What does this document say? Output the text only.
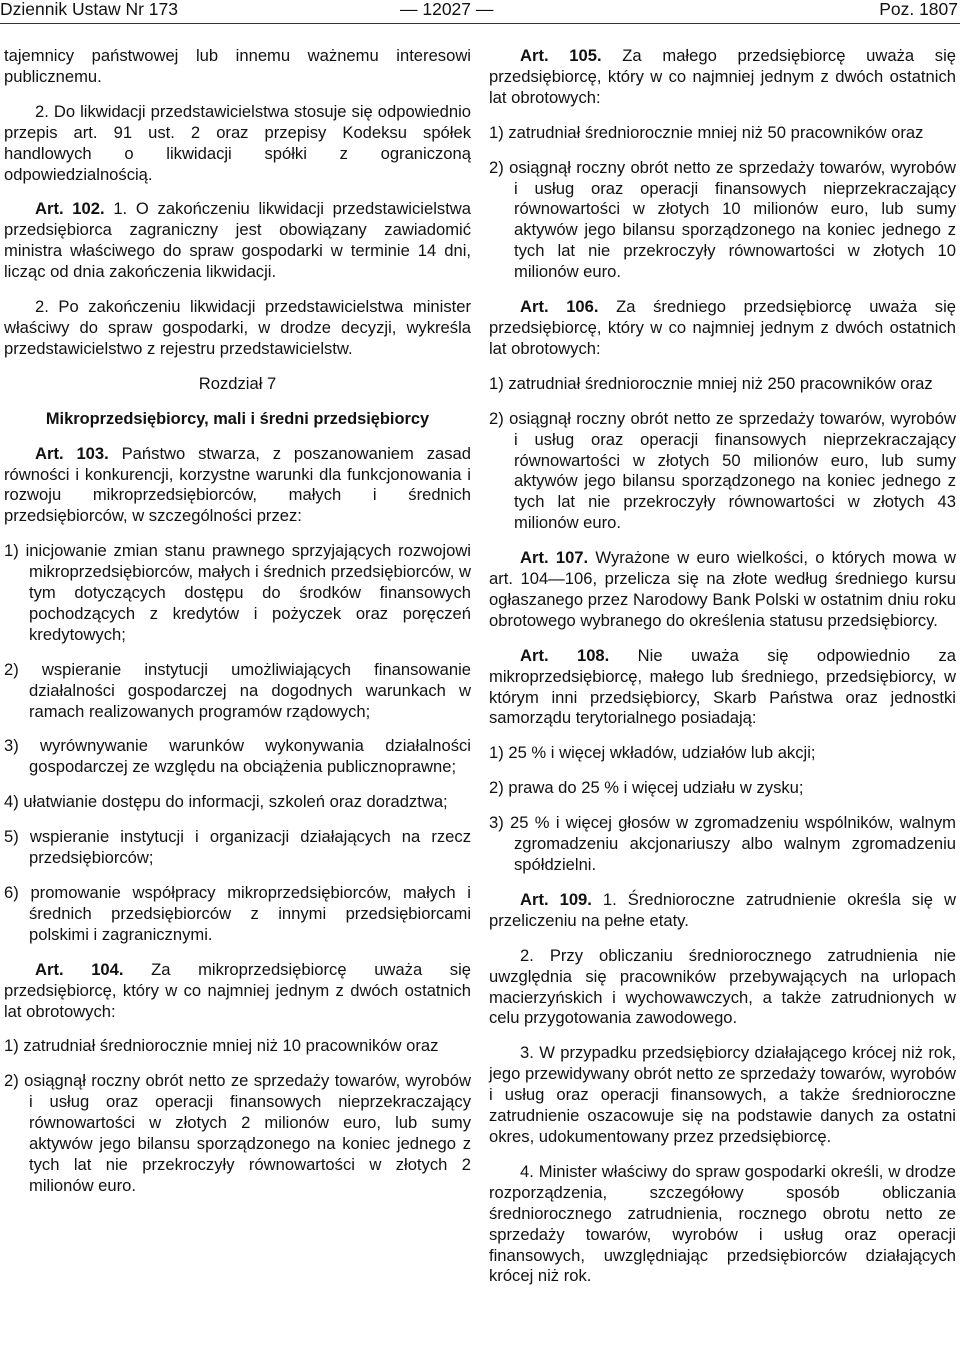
Dziennik Ustaw Nr 173	— 12027 —	Poz. 1807

tajemnicy państwowej lub innemu ważnemu interesowi publicznemu.

2. Do likwidacji przedstawicielstwa stosuje się odpowiednio przepis art. 91 ust. 2 oraz przepisy Kodeksu spółek handlowych o likwidacji spółki z ograniczoną odpowiedzialnością.

Art. 102. 1. O zakończeniu likwidacji przedstawicielstwa przedsiębiorca zagraniczny jest obowiązany zawiadomić ministra właściwego do spraw gospodarki w terminie 14 dni, licząc od dnia zakończenia likwidacji.

2. Po zakończeniu likwidacji przedstawicielstwa minister właściwy do spraw gospodarki, w drodze decyzji, wykreśla przedstawicielstwo z rejestru przedstawicielstw.

Rozdział 7

Mikroprzedsiębiorcy, mali i średni przedsiębiorcy

Art. 103. Państwo stwarza, z poszanowaniem zasad równości i konkurencji, korzystne warunki dla funkcjonowania i rozwoju mikroprzedsiębiorców, małych i średnich przedsiębiorców, w szczególności przez:

1) inicjowanie zmian stanu prawnego sprzyjających rozwojowi mikroprzedsiębiorców, małych i średnich przedsiębiorców, w tym dotyczących dostępu do środków finansowych pochodzących z kredytów i pożyczek oraz poręczeń kredytowych;

2) wspieranie instytucji umożliwiających finansowanie działalności gospodarczej na dogodnych warunkach w ramach realizowanych programów rządowych;

3) wyrównywanie warunków wykonywania działalności gospodarczej ze względu na obciążenia publicznoprawne;

4) ułatwianie dostępu do informacji, szkoleń oraz doradztwa;

5) wspieranie instytucji i organizacji działających na rzecz przedsiębiorców;

6) promowanie współpracy mikroprzedsiębiorców, małych i średnich przedsiębiorców z innymi przedsiębiorcami polskimi i zagranicznymi.

Art. 104. Za mikroprzedsiębiorcę uważa się przedsiębiorcę, który w co najmniej jednym z dwóch ostatnich lat obrotowych:

1) zatrudniał średniorocznie mniej niż 10 pracowników oraz

2) osiągnął roczny obrót netto ze sprzedaży towarów, wyrobów i usług oraz operacji finansowych nieprzekraczający równowartości w złotych 2 milionów euro, lub sumy aktywów jego bilansu sporządzonego na koniec jednego z tych lat nie przekroczyły równowartości w złotych 2 milionów euro.

Art. 105. Za małego przedsiębiorcę uważa się przedsiębiorcę, który w co najmniej jednym z dwóch ostatnich lat obrotowych:

1) zatrudniał średniorocznie mniej niż 50 pracowników oraz

2) osiągnął roczny obrót netto ze sprzedaży towarów, wyrobów i usług oraz operacji finansowych nieprzekraczający równowartości w złotych 10 milionów euro, lub sumy aktywów jego bilansu sporządzonego na koniec jednego z tych lat nie przekroczyły równowartości w złotych 10 milionów euro.

Art. 106. Za średniego przedsiębiorcę uważa się przedsiębiorcę, który w co najmniej jednym z dwóch ostatnich lat obrotowych:

1) zatrudniał średniorocznie mniej niż 250 pracowników oraz

2) osiągnął roczny obrót netto ze sprzedaży towarów, wyrobów i usług oraz operacji finansowych nieprzekraczający równowartości w złotych 50 milionów euro, lub sumy aktywów jego bilansu sporządzonego na koniec jednego z tych lat nie przekroczyły równowartości w złotych 43 milionów euro.

Art. 107. Wyrażone w euro wielkości, o których mowa w art. 104—106, przelicza się na złote według średniego kursu ogłaszanego przez Narodowy Bank Polski w ostatnim dniu roku obrotowego wybranego do określenia statusu przedsiębiorcy.

Art. 108. Nie uważa się odpowiednio za mikroprzedsiębiorcę, małego lub średniego, przedsiębiorcy, w którym inni przedsiębiorcy, Skarb Państwa oraz jednostki samorządu terytorialnego posiadają:

1) 25 % i więcej wkładów, udziałów lub akcji;

2) prawa do 25 % i więcej udziału w zysku;

3) 25 % i więcej głosów w zgromadzeniu wspólników, walnym zgromadzeniu akcjonariuszy albo walnym zgromadzeniu spółdzielni.

Art. 109. 1. Średnioroczne zatrudnienie określa się w przeliczeniu na pełne etaty.

2. Przy obliczaniu średniorocznego zatrudnienia nie uwzględnia się pracowników przebywających na urlopach macierzyńskich i wychowawczych, a także zatrudnionych w celu przygotowania zawodowego.

3. W przypadku przedsiębiorcy działającego krócej niż rok, jego przewidywany obrót netto ze sprzedaży towarów, wyrobów i usług oraz operacji finansowych, a także średnioroczne zatrudnienie oszacowuje się na podstawie danych za ostatni okres, udokumentowany przez przedsiębiorcę.

4. Minister właściwy do spraw gospodarki określi, w drodze rozporządzenia, szczegółowy sposób obliczania średniorocznego zatrudnienia, rocznego obrotu netto ze sprzedaży towarów, wyrobów i usług oraz operacji finansowych, uwzględniając przedsiębiorców działających krócej niż rok.
